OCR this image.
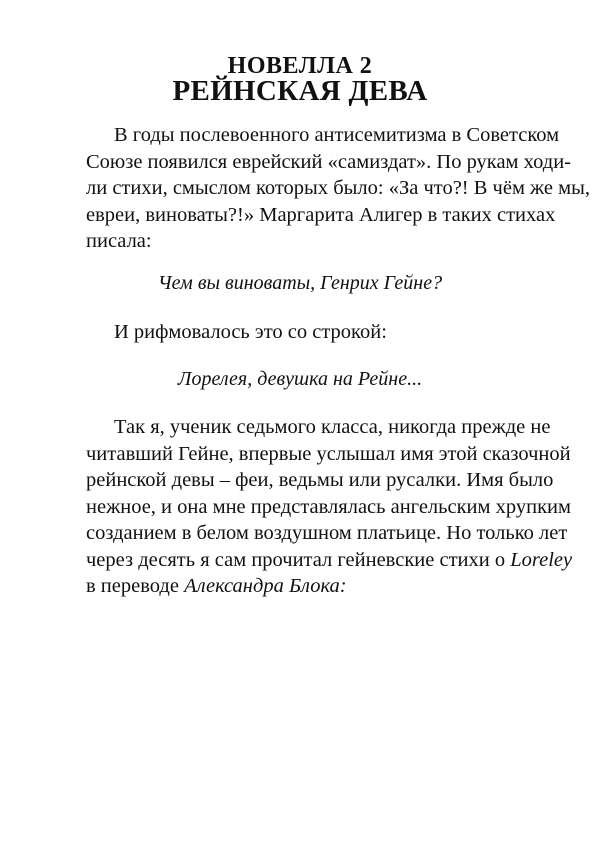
НОВЕЛЛА 2
РЕЙНСКАЯ ДЕВА
В годы послевоенного антисемитизма в Советском
Союзе появился еврейский «самиздат». По рукам ходи-
ли стихи, смыслом которых было: «За что?! В чём же мы,
евреи, виноваты?!» Маргарита Алигер в таких стихах
писала:

Чем вы виноваты, Генрих Гейне?

И рифмовалось это со строкой:

Лорелея, девушка на Рейне...

Так я, ученик седьмого класса, никогда прежде не
читавший Гейне, впервые услышал имя этой сказочной
рейнской девы – феи, ведьмы или русалки. Имя было
нежное, и она мне представлялась ангельским хрупким
созданием в белом воздушном платьице. Но только лет
через десять я сам прочитал гейневские стихи о Loreley
в переводе Александра Блока:
